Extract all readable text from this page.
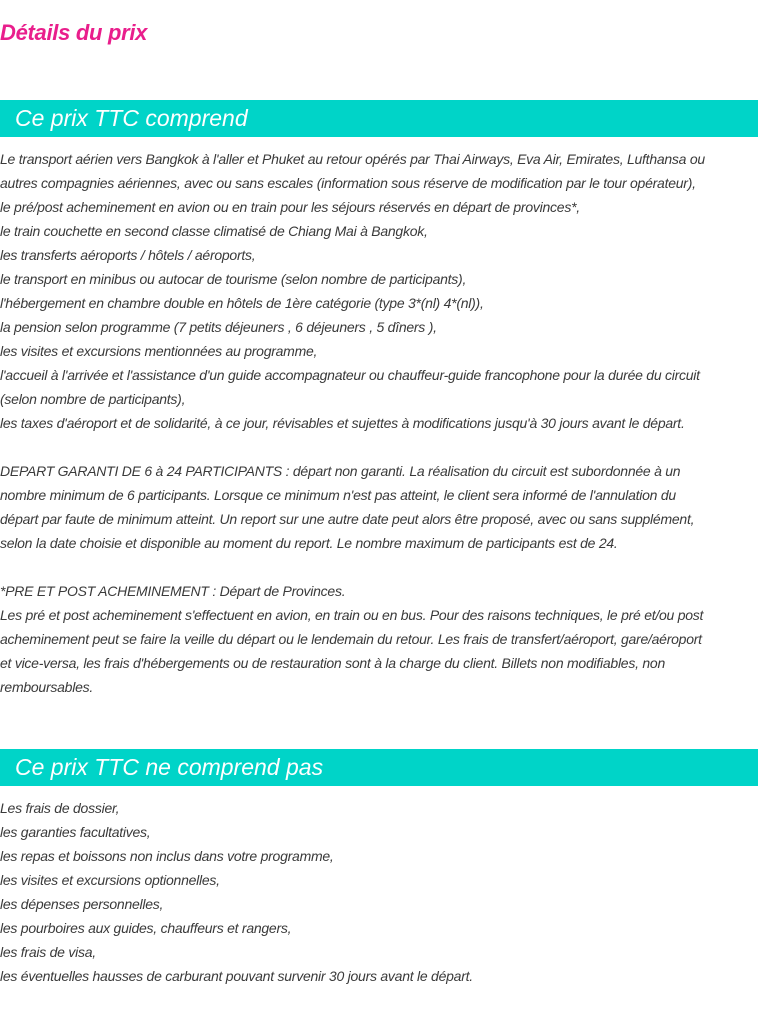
Détails du prix
Ce prix TTC comprend
Le transport aérien vers Bangkok à l'aller et Phuket au retour opérés par Thai Airways, Eva Air, Emirates, Lufthansa ou
autres compagnies aériennes, avec ou sans escales (information sous réserve de modification par le tour opérateur),
le pré/post acheminement en avion ou en train pour les séjours réservés en départ de provinces*,
le train couchette en second classe climatisé de Chiang Mai à Bangkok,
les transferts aéroports / hôtels / aéroports,
le transport en minibus ou autocar de tourisme (selon nombre de participants),
l'hébergement en chambre double en hôtels de 1ère catégorie (type 3*(nl) 4*(nl)),
la pension selon programme (7 petits déjeuners , 6 déjeuners , 5 dîners ),
les visites et excursions mentionnées au programme,
l'accueil à l'arrivée et l'assistance d'un guide accompagnateur ou chauffeur-guide francophone pour la durée du circuit
(selon nombre de participants),
les taxes d'aéroport et de solidarité, à ce jour, révisables et sujettes à modifications jusqu'à 30 jours avant le départ.
DEPART GARANTI DE 6 à 24 PARTICIPANTS : départ non garanti. La réalisation du circuit est subordonnée à un
nombre minimum de 6 participants. Lorsque ce minimum n'est pas atteint, le client sera informé de l'annulation du
départ par faute de minimum atteint. Un report sur une autre date peut alors être proposé, avec ou sans supplément,
selon la date choisie et disponible au moment du report. Le nombre maximum de participants est de 24.
*PRE ET POST ACHEMINEMENT : Départ de Provinces.
Les pré et post acheminement s'effectuent en avion, en train ou en bus. Pour des raisons techniques, le pré et/ou post
acheminement peut se faire la veille du départ ou le lendemain du retour. Les frais de transfert/aéroport, gare/aéroport
et vice-versa, les frais d'hébergements ou de restauration sont à la charge du client. Billets non modifiables, non
remboursables.
Ce prix TTC ne comprend pas
Les frais de dossier,
les garanties facultatives,
les repas et boissons non inclus dans votre programme,
les visites et excursions optionnelles,
les dépenses personnelles,
les pourboires aux guides, chauffeurs et rangers,
les frais de visa,
les éventuelles hausses de carburant pouvant survenir 30 jours avant le départ.
